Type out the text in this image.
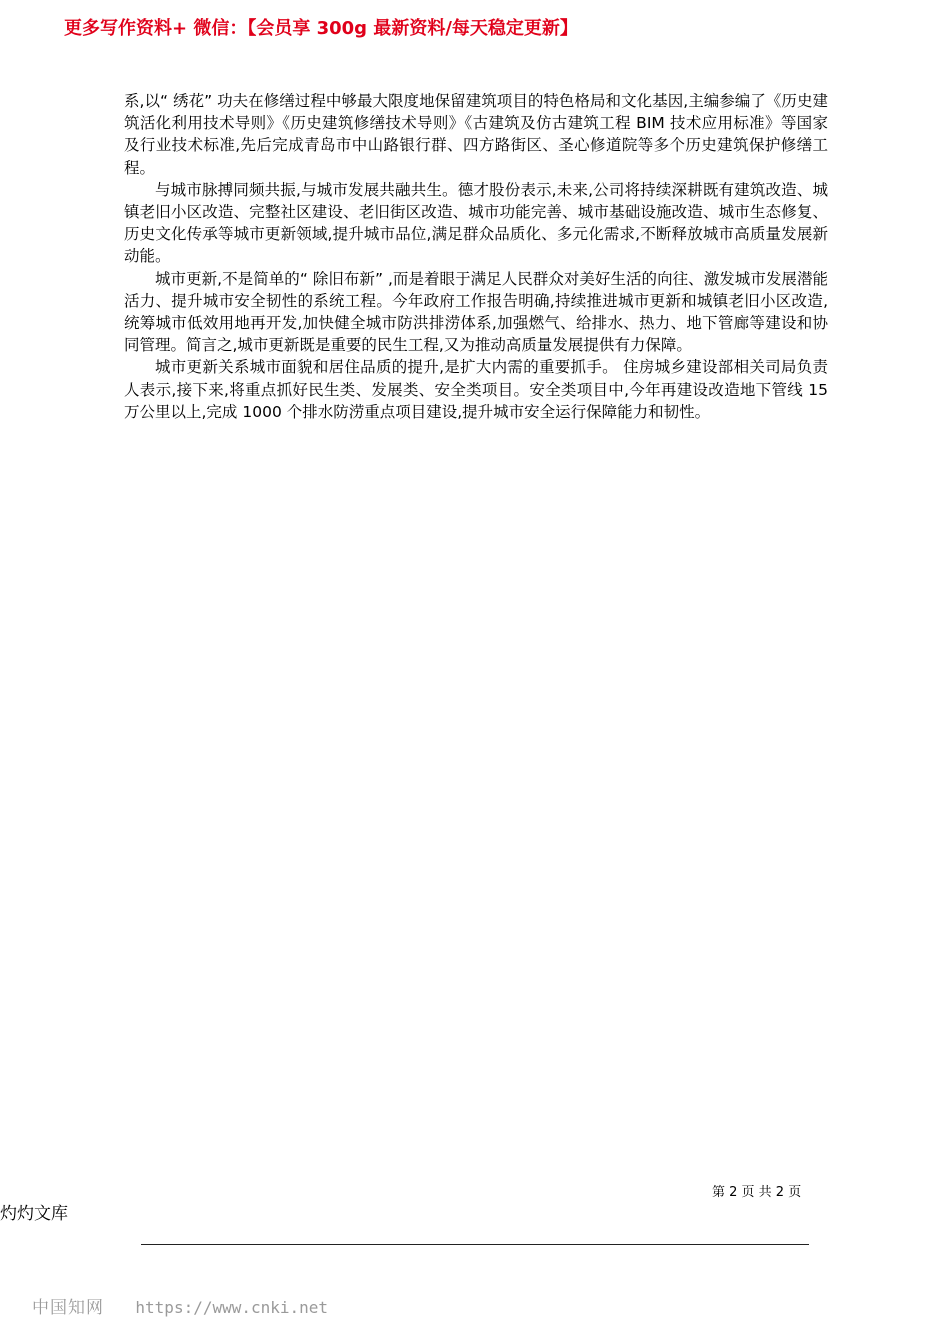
更多写作资料+ 微信：【会员享 300g 最新资料/每天稳定更新】

系,以“ 绣花” 功夫在修缮过程中够最大限度地保留建筑项目的特色格局和文化基因,主编参编了《历史建筑活化利用技术导则》《历史建筑修缮技术导则》《古建筑及仿古建筑工程 BIM 技术应用标准》等国家及行业技术标准,先后完成青岛市中山路银行群、四方路街区、圣心修道院等多个历史建筑保护修缮工程。

与城市脉搏同频共振,与城市发展共融共生。德才股份表示,未来,公司将持续深耕既有建筑改造、城镇老旧小区改造、完整社区建设、老旧街区改造、城市功能完善、城市基础设施改造、城市生态修复、历史文化传承等城市更新领域,提升城市品位,满足群众品质化、多元化需求,不断释放城市高质量发展新动能。

城市更新,不是简单的“ 除旧布新” ,而是着眼于满足人民群众对美好生活的向往、激发城市发展潜能活力、提升城市安全韧性的系统工程。今年政府工作报告明确,持续推进城市更新和城镇老旧小区改造,统筹城市低效用地再开发,加快健全城市防洪排涝体系,加强燃气、给排水、热力、地下管廊等建设和协同管理。简言之,城市更新既是重要的民生工程,又为推动高质量发展提供有力保障。

城市更新关系城市面貌和居住品质的提升,是扩大内需的重要抓手。 住房城乡建设部相关司局负责人表示,接下来,将重点抓好民生类、发展类、安全类项目。安全类项目中,今年再建设改造地下管线 15 万公里以上,完成 1000 个排水防涝重点项目建设,提升城市安全运行保障能力和韧性。

第 2 页 共 2 页
灼灼文库
中国知网 https://www.cnki.net
